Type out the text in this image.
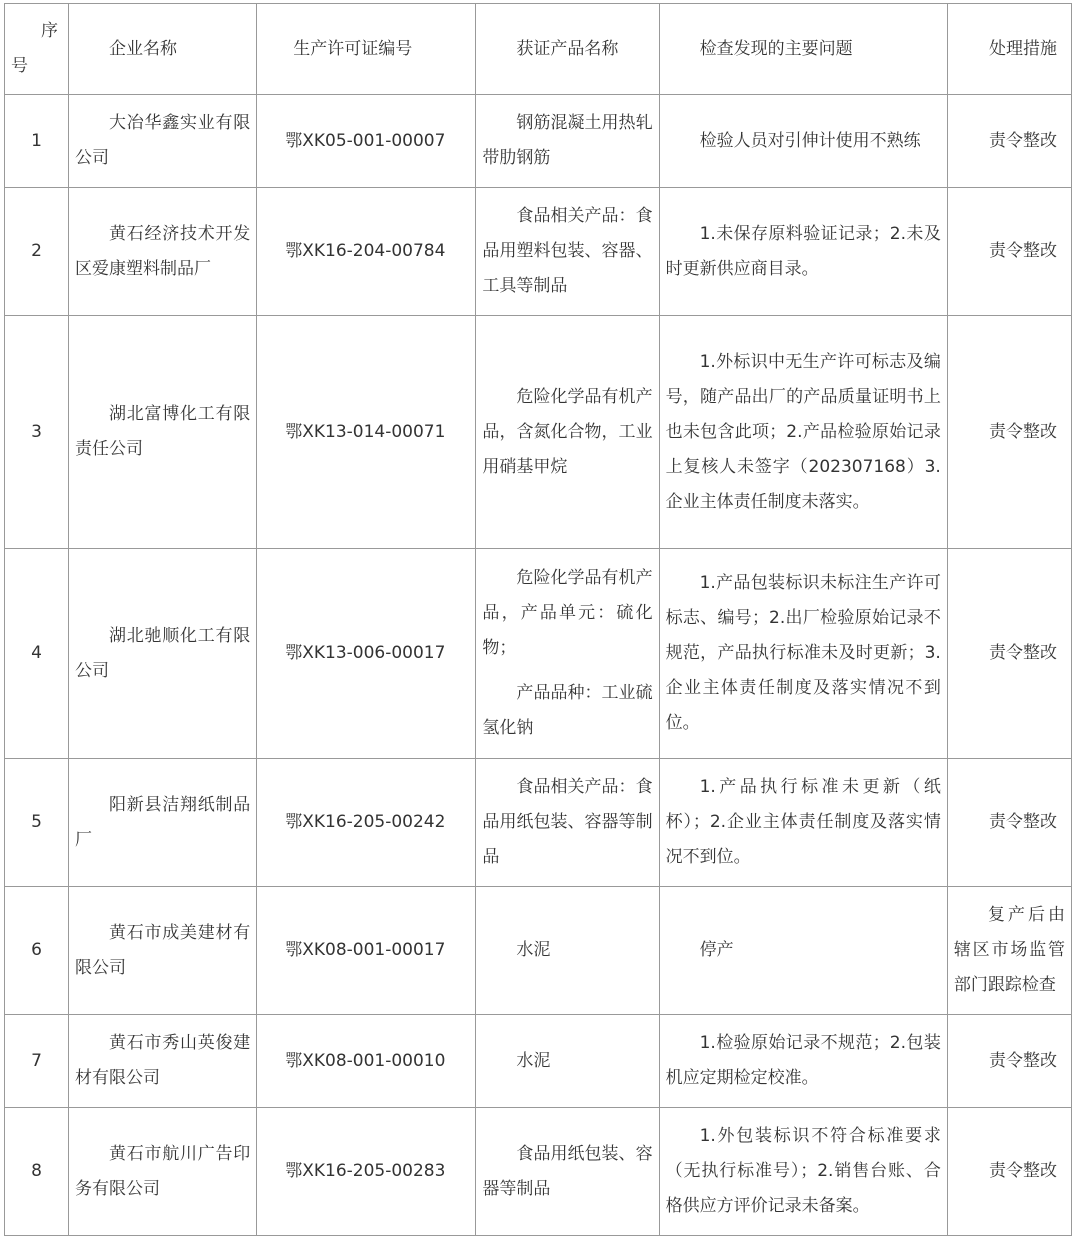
序
号	企业名称	生产许可证编号	获证产品名称	检查发现的主要问题	处理措施
1	大冶华鑫实业有限公司	鄂XK05-001-00007	钢筋混凝土用热轧带肋钢筋	检验人员对引伸计使用不熟练	责令整改
2	黄石经济技术开发区爱康塑料制品厂	鄂XK16-204-00784	食品相关产品：食品用塑料包装、容器、工具等制品	1.未保存原料验证记录；2.未及时更新供应商目录。	责令整改
3	湖北富博化工有限责任公司	鄂XK13-014-00071	危险化学品有机产品，含氮化合物，工业用硝基甲烷	1.外标识中无生产许可标志及编号，随产品出厂的产品质量证明书上也未包含此项；2.产品检验原始记录上复核人未签字（202307168）3.企业主体责任制度未落实。	责令整改
4	湖北驰顺化工有限公司	鄂XK13-006-00017	危险化学品有机产品，产品单元：硫化物；

产品品种：工业硫氢化钠	1.产品包装标识未标注生产许可标志、编号；2.出厂检验原始记录不规范，产品执行标准未及时更新；3.企业主体责任制度及落实情况不到位。	责令整改
5	阳新县洁翔纸制品厂	鄂XK16-205-00242	食品相关产品：食品用纸包装、容器等制品	1.产品执行标准未更新（纸杯）；2.企业主体责任制度及落实情况不到位。	责令整改
6	黄石市成美建材有限公司	鄂XK08-001-00017	水泥	停产	复产后由辖区市场监管部门跟踪检查
7	黄石市秀山英俊建材有限公司	鄂XK08-001-00010	水泥	1.检验原始记录不规范；2.包装机应定期检定校准。	责令整改
8	黄石市航川广告印务有限公司	鄂XK16-205-00283	食品用纸包装、容器等制品	1.外包装标识不符合标准要求（无执行标准号）；2.销售台账、合格供应方评价记录未备案。	责令整改
